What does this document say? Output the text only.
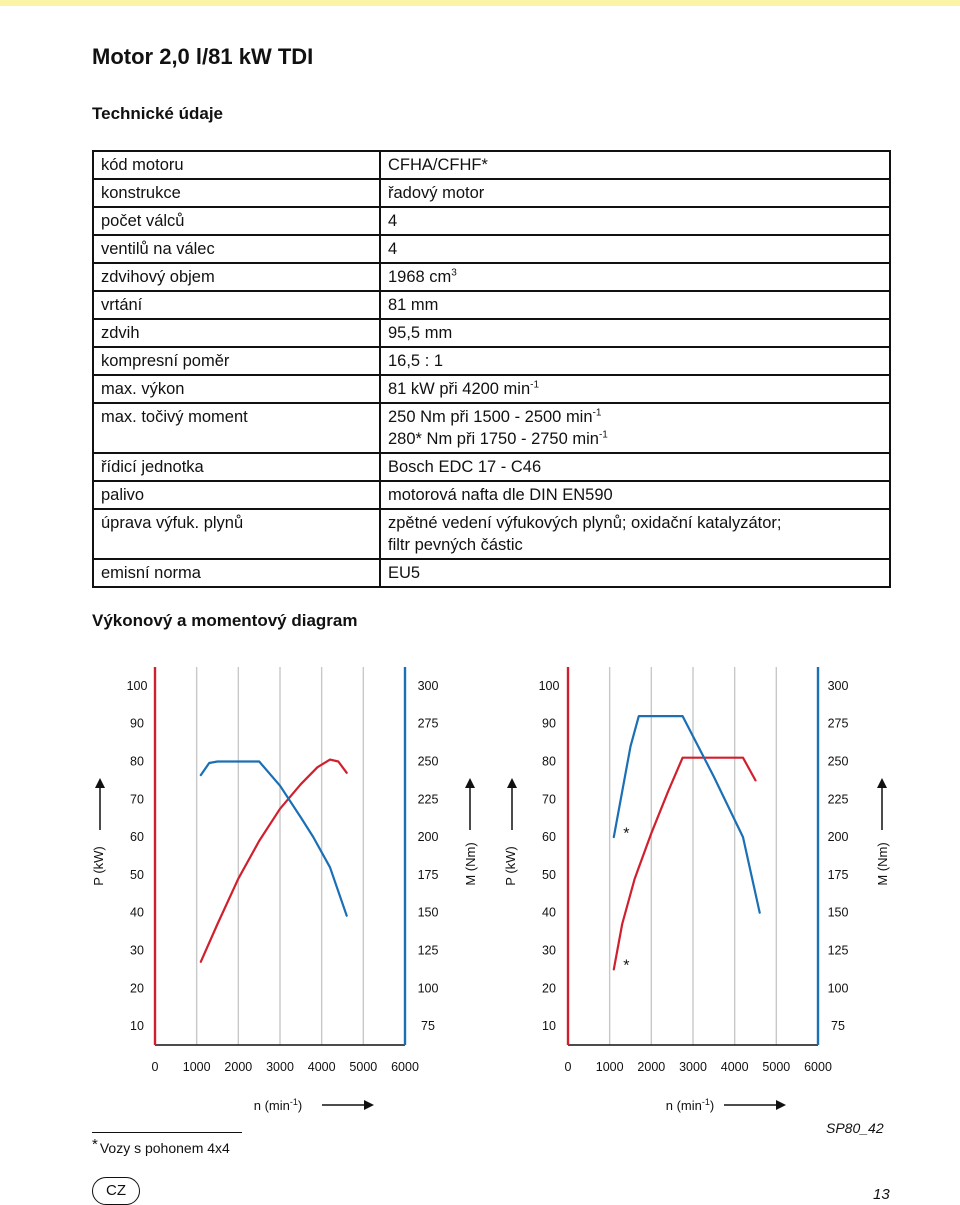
Motor 2,0 l/81 kW TDI
Technické údaje
kód motoru	CFHA/CFHF*
konstrukce	řadový motor
počet válců	4
ventilů na válec	4
zdvihový objem	1968 $cm^3$
vrtání	81 mm
zdvih	95,5 mm
kompresní poměr	16,5 : 1
max. výkon	81 kW při 4200 $\min^{-1}$
max. točivý moment	250 Nm při 1500 - 2500 $\min^{-1}$
280* Nm při 1750 - 2750 $\min^{-1}$
řídicí jednotka	Bosch EDC 17 - C46
palivo	motorová nafta dle DIN EN590
úprava výfuk. plynů	zpětné vedení výfukových plynů; oxidační katalyzátor;
filtr pevných částic
emisní norma	EU5
Výkonový a momentový diagram
100
90
80
70
60
50
40
30
20
10
300
275
250
225
200
175
150
125
100
75
0 1000 2000 3000 4000 5000 6000
P (kW)	M (Nm)
n $(\min^{-1})$
100
90
80
70
60
50
40
30
20
10
300
275
250
225
200
175
150
125
100
75
0 1000 2000 3000 4000 5000 6000
P (kW)	M (Nm)
n $(\min^{-1})$
*
*
* Vozy s pohonem 4x4
SP80_42
CZ	13
